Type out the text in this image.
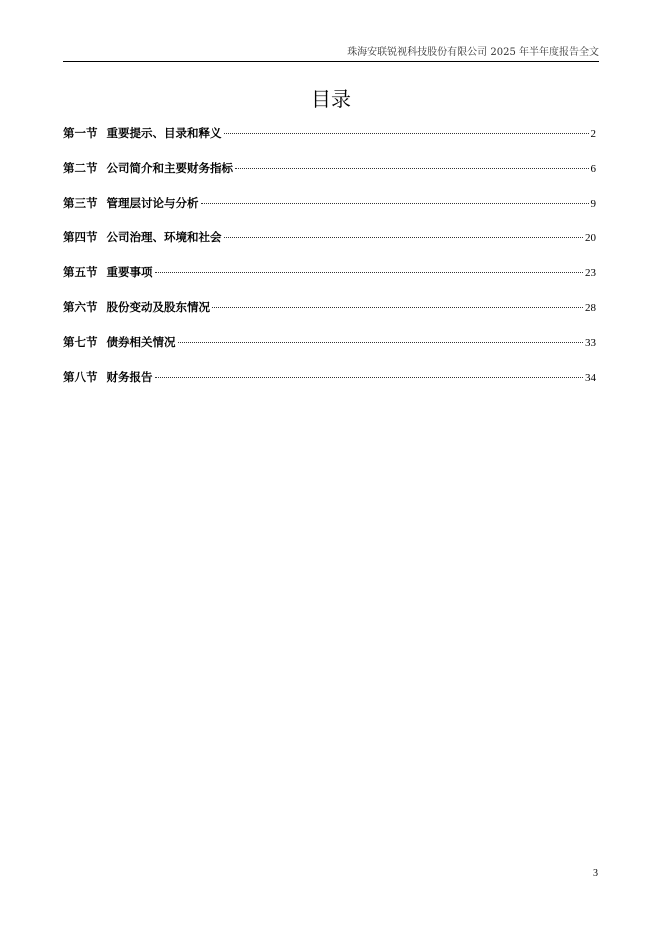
珠海安联锐视科技股份有限公司 2025 年半年度报告全文
目录
第一节 重要提示、目录和释义	2
第二节 公司简介和主要财务指标	6
第三节 管理层讨论与分析	9
第四节 公司治理、环境和社会	20
第五节 重要事项	23
第六节 股份变动及股东情况	28
第七节 债券相关情况	33
第八节 财务报告	34
3
